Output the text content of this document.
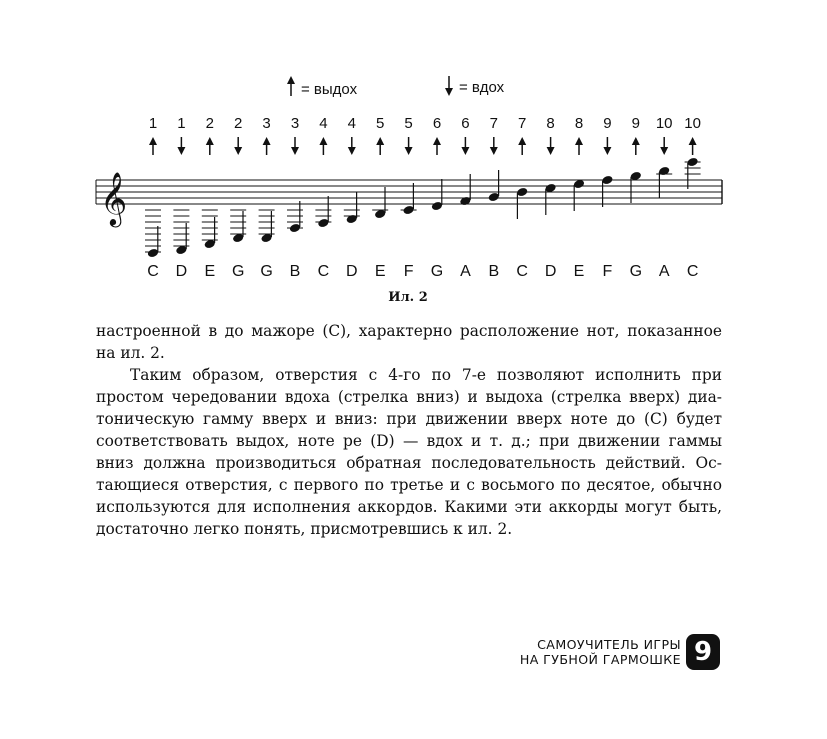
= выдох	= вдох
𝄞
1
C
1
D
2
E
2
G
3
G
3
B
4
C
4
D
5
E
5
F
6
G
6
A
7
B
7
C
8
D
8
E
9
F
9
G
10
A
10
C
Ил. 2

настроенной в до мажоре (C), характерно расположение нот, показанное на ил. 2.

Таким образом, отверстия с 4-го по 7-е позволяют исполнить при простом чередовании вдоха (стрелка вниз) и выдоха (стрелка вверх) диатоническую гамму вверх и вниз: при движении вверх ноте до (C) будет соответствовать выдох, ноте ре (D) — вдох и т. д.; при движении гаммы вниз должна производиться обратная последовательность действий. Остающиеся отверстия, с первого по третье и с восьмого по десятое, обычно используются для исполнения аккордов. Какими эти аккорды могут быть, достаточно легко понять, присмотревшись к ил. 2.

САМОУЧИТЕЛЬ ИГРЫ
НА ГУБНОЙ ГАРМОШКЕ 9
